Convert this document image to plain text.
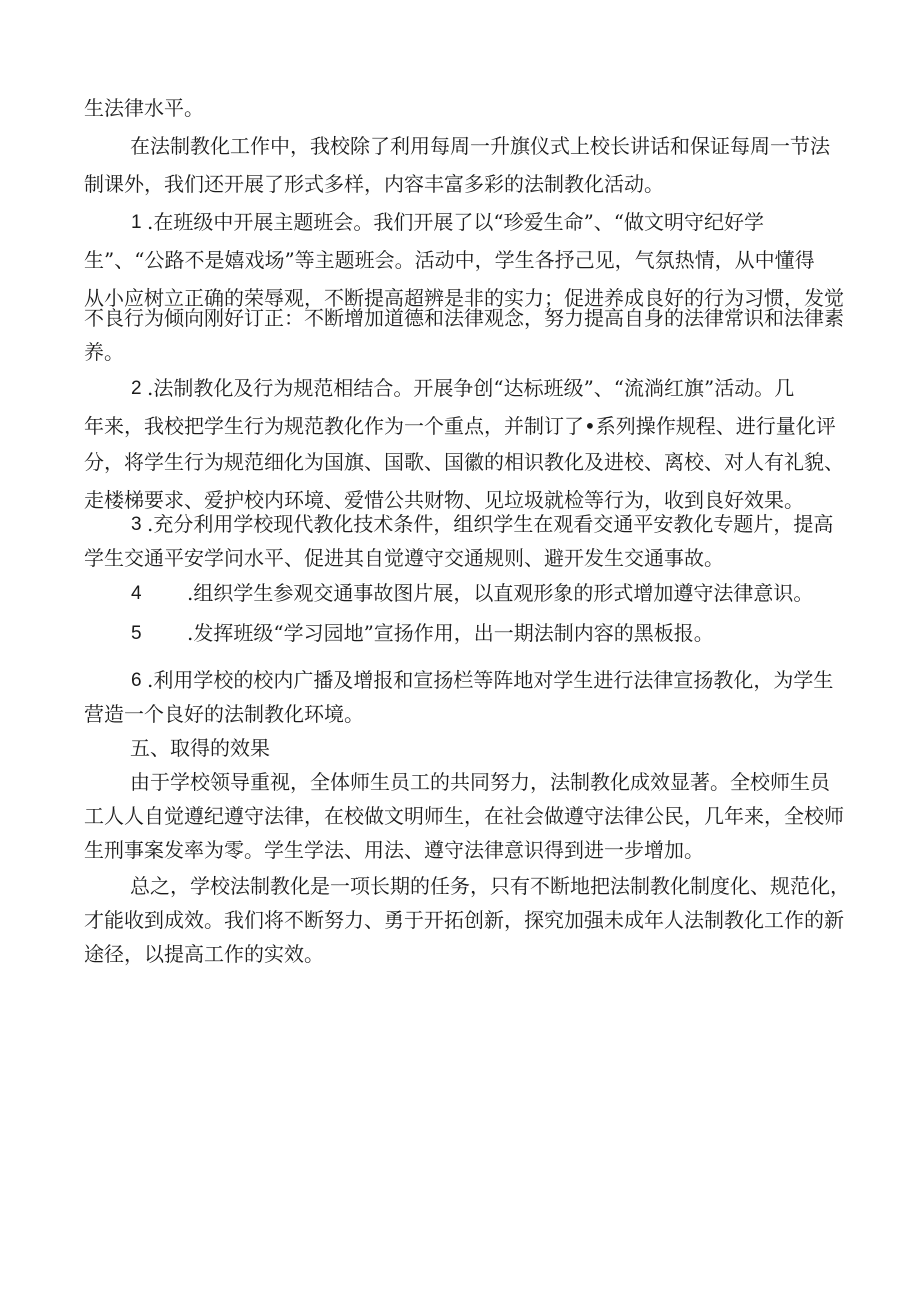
生法律水平。

在法制教化工作中，我校除了利用每周一升旗仪式上校长讲话和保证每周一节法

制课外，我们还开展了形式多样，内容丰富多彩的法制教化活动。

1 .在班级中开展主题班会。我们开展了以“珍爱生命”、“做文明守纪好学

生”、“公路不是嬉戏场”等主题班会。活动中，学生各抒己见，气氛热情，从中懂得

从小应树立正确的荣辱观，不断提高超辨是非的实力；促进养成良好的行为习惯，发觉

不良行为倾向刚好订正：不断增加道德和法律观念，努力提高自身的法律常识和法律素

养。

2 .法制教化及行为规范相结合。开展争创“达标班级”、“流淌红旗”活动。几

年来，我校把学生行为规范教化作为一个重点，并制订了•系列操作规程、进行量化评

分，将学生行为规范细化为国旗、国歌、国徽的相识教化及进校、离校、对人有礼貌、

走楼梯要求、爱护校内环境、爱惜公共财物、见垃圾就检等行为，收到良好效果。

3 .充分利用学校现代教化技术条件，组织学生在观看交通平安教化专题片，提高

学生交通平安学问水平、促进其自觉遵守交通规则、避开发生交通事故。

4 .组织学生参观交通事故图片展，以直观形象的形式增加遵守法律意识。

5 .发挥班级“学习园地”宣扬作用，出一期法制内容的黑板报。

6 .利用学校的校内广播及增报和宣扬栏等阵地对学生进行法律宣扬教化，为学生

营造一个良好的法制教化环境。

五、取得的效果

由于学校领导重视，全体师生员工的共同努力，法制教化成效显著。全校师生员

工人人自觉遵纪遵守法律，在校做文明师生，在社会做遵守法律公民，几年来，全校师

生刑事案发率为零。学生学法、用法、遵守法律意识得到进一步增加。

总之，学校法制教化是一项长期的任务，只有不断地把法制教化制度化、规范化，

才能收到成效。我们将不断努力、勇于开拓创新，探究加强未成年人法制教化工作的新

途径，以提高工作的实效。
